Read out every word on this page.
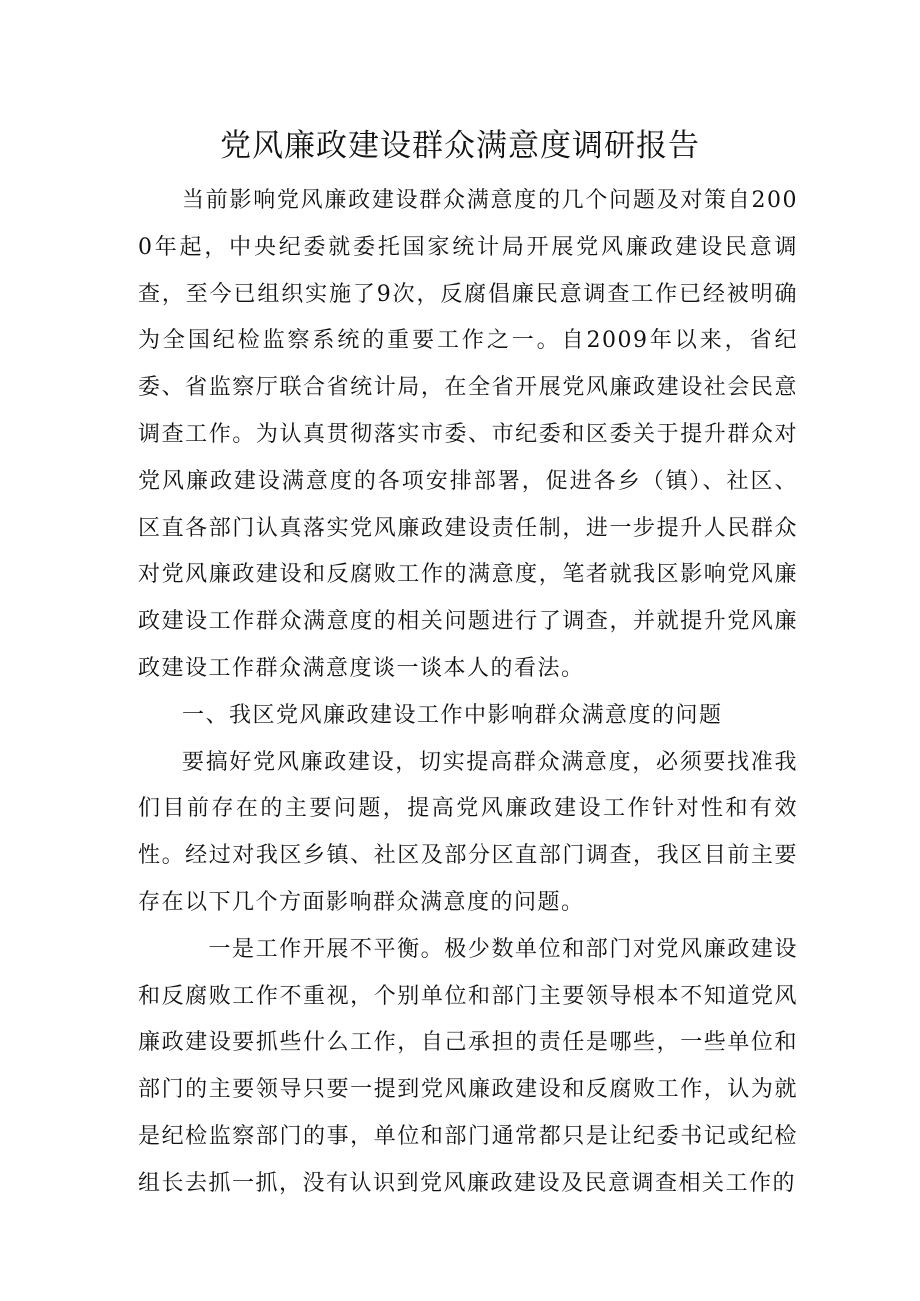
党风廉政建设群众满意度调研报告

当前影响党风廉政建设群众满意度的几个问题及对策自2000年起，中央纪委就委托国家统计局开展党风廉政建设民意调查，至今已组织实施了9次，反腐倡廉民意调查工作已经被明确为全国纪检监察系统的重要工作之一。自2009年以来，省纪委、省监察厅联合省统计局，在全省开展党风廉政建设社会民意调查工作。为认真贯彻落实市委、市纪委和区委关于提升群众对党风廉政建设满意度的各项安排部署，促进各乡（镇）、社区、区直各部门认真落实党风廉政建设责任制，进一步提升人民群众对党风廉政建设和反腐败工作的满意度，笔者就我区影响党风廉政建设工作群众满意度的相关问题进行了调查，并就提升党风廉政建设工作群众满意度谈一谈本人的看法。

一、我区党风廉政建设工作中影响群众满意度的问题

要搞好党风廉政建设，切实提高群众满意度，必须要找准我们目前存在的主要问题，提高党风廉政建设工作针对性和有效性。经过对我区乡镇、社区及部分区直部门调查，我区目前主要存在以下几个方面影响群众满意度的问题。

一是工作开展不平衡。极少数单位和部门对党风廉政建设和反腐败工作不重视，个别单位和部门主要领导根本不知道党风廉政建设要抓些什么工作，自己承担的责任是哪些，一些单位和部门的主要领导只要一提到党风廉政建设和反腐败工作，认为就是纪检监察部门的事，单位和部门通常都只是让纪委书记或纪检组长去抓一抓，没有认识到党风廉政建设及民意调查相关工作的
